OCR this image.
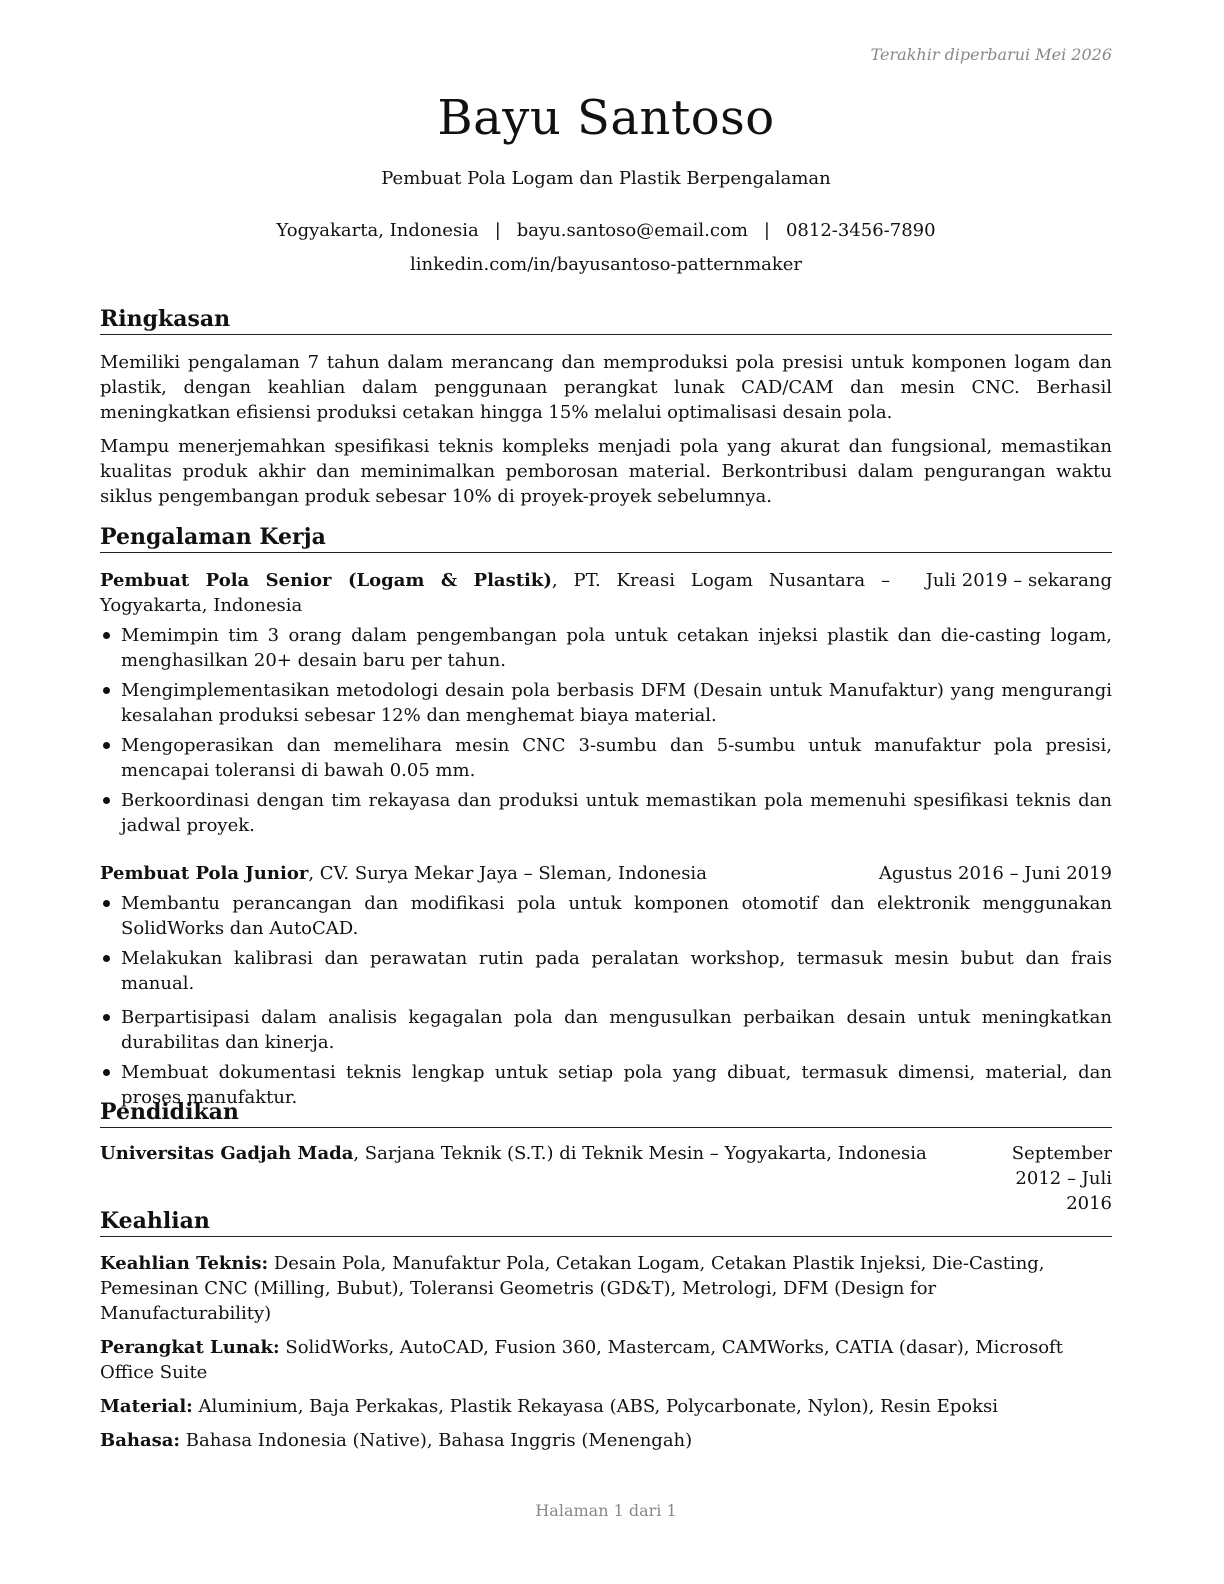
Terakhir diperbarui Mei 2026
Bayu Santoso
Pembuat Pola Logam dan Plastik Berpengalaman
Yogyakarta, Indonesia | bayu.santoso@email.com | 0812-3456-7890
linkedin.com/in/bayusantoso-patternmaker
Ringkasan

Memiliki pengalaman 7 tahun dalam merancang dan memproduksi pola presisi untuk komponen logam dan plastik, dengan keahlian dalam penggunaan perangkat lunak CAD/CAM dan mesin CNC. Berhasil meningkatkan efisiensi produksi cetakan hingga 15% melalui optimalisasi desain pola.

Mampu menerjemahkan spesifikasi teknis kompleks menjadi pola yang akurat dan fungsional, memastikan kualitas produk akhir dan meminimalkan pemborosan material. Berkontribusi dalam pengurangan waktu siklus pengembangan produk sebesar 10% di proyek-proyek sebelumnya.

Pengalaman Kerja
Pembuat Pola Senior (Logam & Plastik), PT. Kreasi Logam Nusantara – Yogyakarta, Indonesia
Juli 2019 – sekarang
Memimpin tim 3 orang dalam pengembangan pola untuk cetakan injeksi plastik dan die-casting logam, menghasilkan 20+ desain baru per tahun.
Mengimplementasikan metodologi desain pola berbasis DFM (Desain untuk Manufaktur) yang mengurangi kesalahan produksi sebesar 12% dan menghemat biaya material.
Mengoperasikan dan memelihara mesin CNC 3-sumbu dan 5-sumbu untuk manufaktur pola presisi, mencapai toleransi di bawah 0.05 mm.
Berkoordinasi dengan tim rekayasa dan produksi untuk memastikan pola memenuhi spesifikasi teknis dan jadwal proyek.
Pembuat Pola Junior, CV. Surya Mekar Jaya – Sleman, Indonesia	Agustus 2016 – Juni 2019
Membantu perancangan dan modifikasi pola untuk komponen otomotif dan elektronik menggunakan SolidWorks dan AutoCAD.
Melakukan kalibrasi dan perawatan rutin pada peralatan workshop, termasuk mesin bubut dan frais manual.
Berpartisipasi dalam analisis kegagalan pola dan mengusulkan perbaikan desain untuk meningkatkan durabilitas dan kinerja.
Membuat dokumentasi teknis lengkap untuk setiap pola yang dibuat, termasuk dimensi, material, dan proses manufaktur.
Pendidikan
Universitas Gadjah Mada, Sarjana Teknik (S.T.) di Teknik Mesin – Yogyakarta, Indonesia	September 2012 – Juli 2016
Keahlian

Keahlian Teknis: Desain Pola, Manufaktur Pola, Cetakan Logam, Cetakan Plastik Injeksi, Die-Casting, Pemesinan CNC (Milling, Bubut), Toleransi Geometris (GD&T), Metrologi, DFM (Design for Manufacturability)

Perangkat Lunak: SolidWorks, AutoCAD, Fusion 360, Mastercam, CAMWorks, CATIA (dasar), Microsoft Office Suite

Material: Aluminium, Baja Perkakas, Plastik Rekayasa (ABS, Polycarbonate, Nylon), Resin Epoksi

Bahasa: Bahasa Indonesia (Native), Bahasa Inggris (Menengah)

Halaman 1 dari 1
